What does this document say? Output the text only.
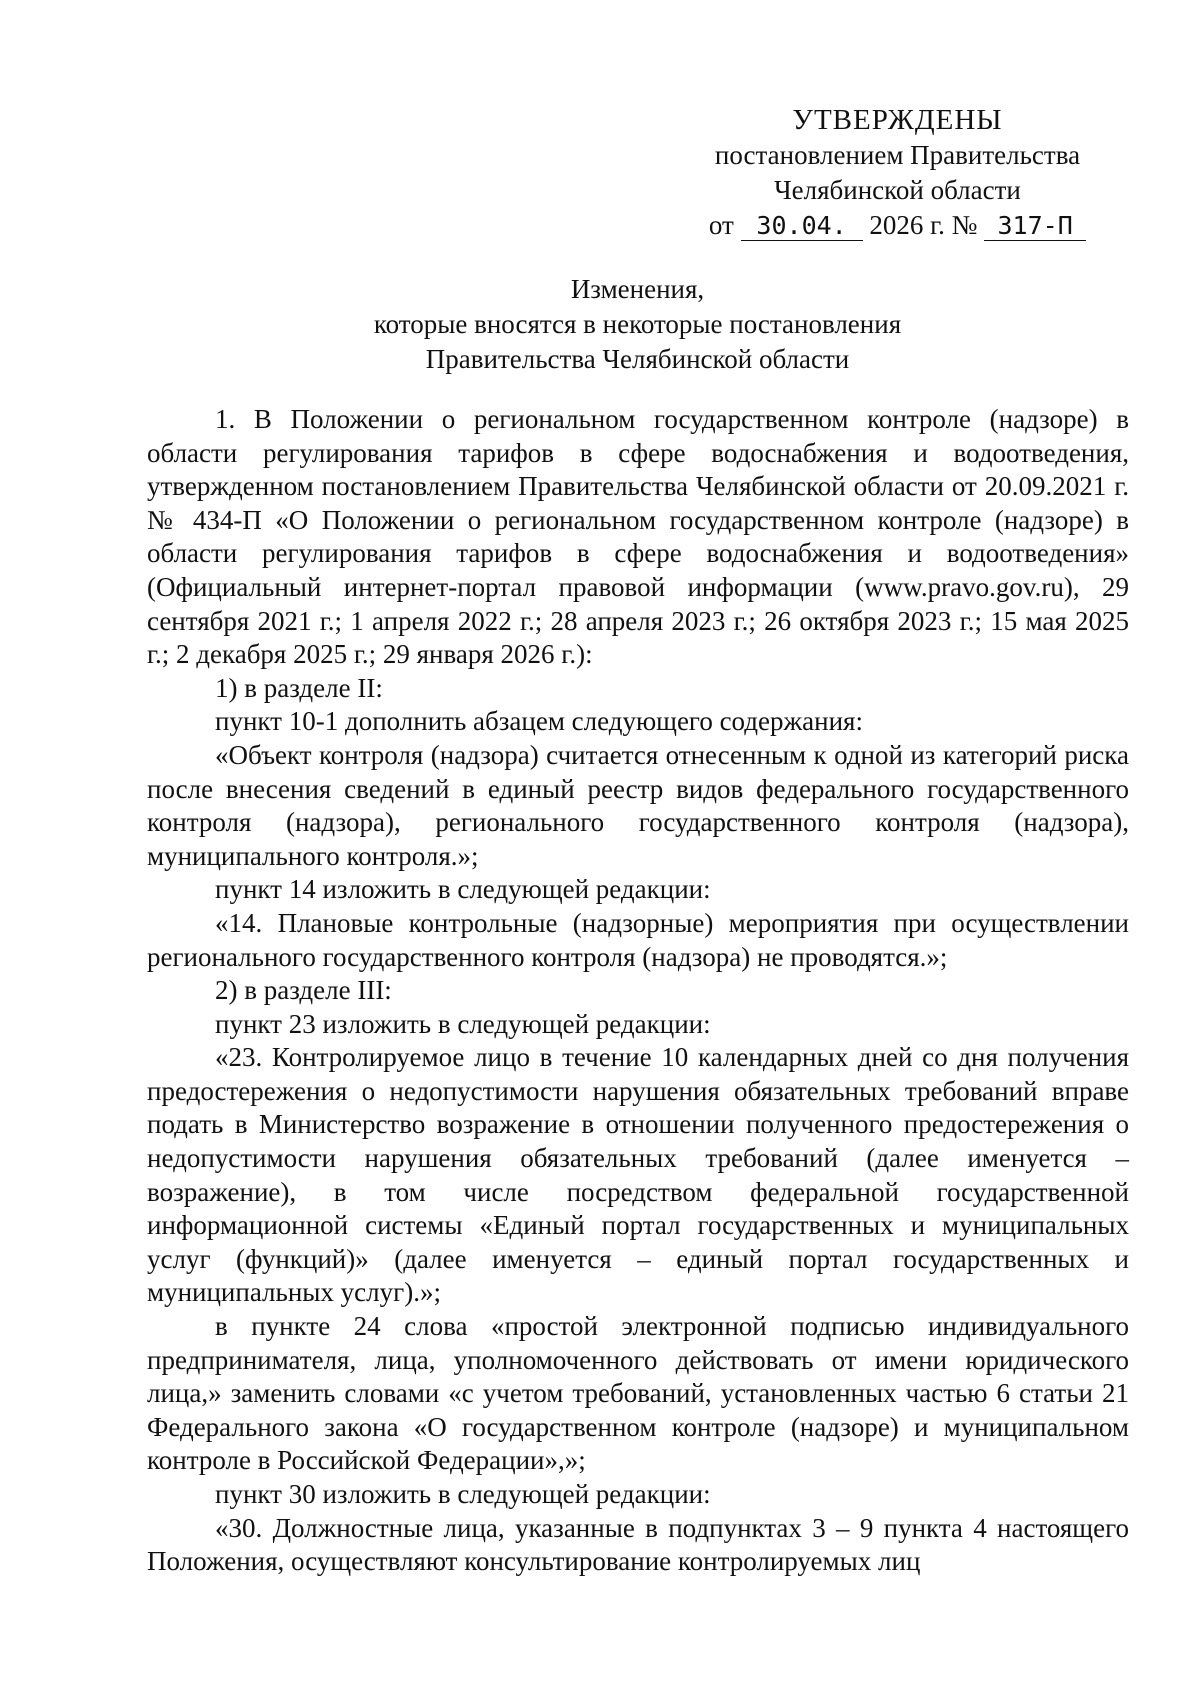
УТВЕРЖДЕНЫ
постановлением Правительства
Челябинской области
от 30.04. 2026 г. № 317-П
Изменения,
которые вносятся в некоторые постановления
Правительства Челябинской области

1. В Положении о региональном государственном контроле (надзоре) в области регулирования тарифов в сфере водоснабжения и водоотведения, утвержденном постановлением Правительства Челябинской области от 20.09.2021 г. № 434-П «О Положении о региональном государственном контроле (надзоре) в области регулирования тарифов в сфере водоснабжения и водоотведения» (Официальный интернет-портал правовой информации (www.pravo.gov.ru), 29 сентября 2021 г.; 1 апреля 2022 г.; 28 апреля 2023 г.; 26 октября 2023 г.; 15 мая 2025 г.; 2 декабря 2025 г.; 29 января 2026 г.):

1) в разделе II:

пункт 10-1 дополнить абзацем следующего содержания:

«Объект контроля (надзора) считается отнесенным к одной из категорий риска после внесения сведений в единый реестр видов федерального государственного контроля (надзора), регионального государственного контроля (надзора), муниципального контроля.»;

пункт 14 изложить в следующей редакции:

«14. Плановые контрольные (надзорные) мероприятия при осуществлении регионального государственного контроля (надзора) не проводятся.»;

2) в разделе III:

пункт 23 изложить в следующей редакции:

«23. Контролируемое лицо в течение 10 календарных дней со дня получения предостережения о недопустимости нарушения обязательных требований вправе подать в Министерство возражение в отношении полученного предостережения о недопустимости нарушения обязательных требований (далее именуется – возражение), в том числе посредством федеральной государственной информационной системы «Единый портал государственных и муниципальных услуг (функций)» (далее именуется – единый портал государственных и муниципальных услуг).»;

в пункте 24 слова «простой электронной подписью индивидуального предпринимателя, лица, уполномоченного действовать от имени юридического лица,» заменить словами «с учетом требований, установленных частью 6 статьи 21 Федерального закона «О государственном контроле (надзоре) и муниципальном контроле в Российской Федерации»,»;

пункт 30 изложить в следующей редакции:

«30. Должностные лица, указанные в подпунктах 3 – 9 пункта 4 настоящего Положения, осуществляют консультирование контролируемых лиц
